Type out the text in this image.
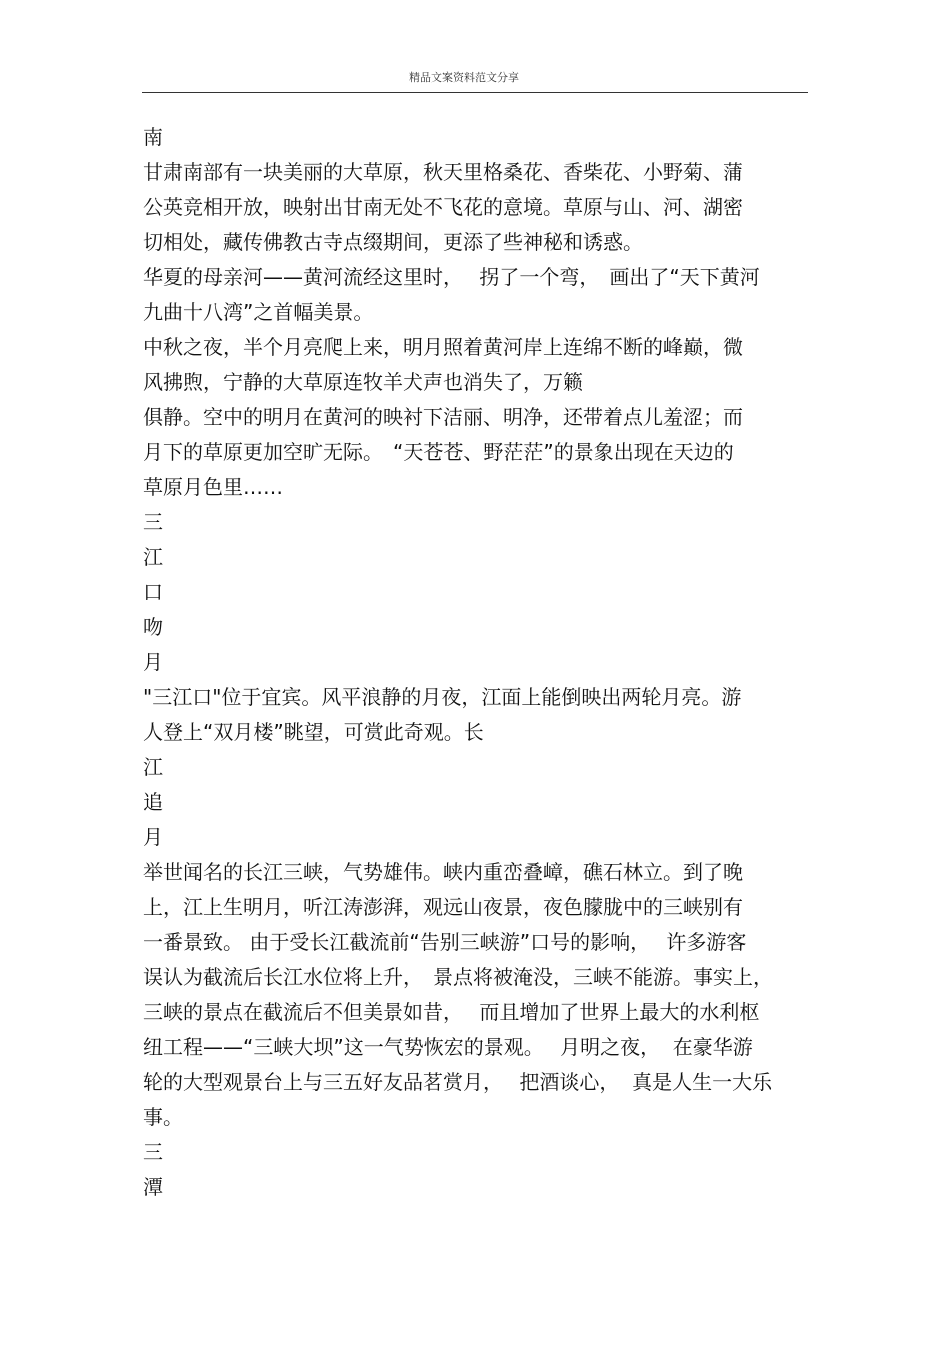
精品文案资料范文分享
南
甘肃南部有一块美丽的大草原，秋天里格桑花、香柴花、小野菊、蒲
公英竞相开放，映射出甘南无处不飞花的意境。草原与山、河、湖密
切相处，藏传佛教古寺点缀期间，更添了些神秘和诱惑。
华夏的母亲河——黄河流经这里时，　 拐了一个弯，　画出了“天下黄河
九曲十八湾”之首幅美景。
中秋之夜，半个月亮爬上来，明月照着黄河岸上连绵不断的峰巅，微
风拂煦，宁静的大草原连牧羊犬声也消失了，万籁
俱静。空中的明月在黄河的映衬下洁丽、明净，还带着点儿羞涩；而
月下的草原更加空旷无际。　“天苍苍、野茫茫”的景象出现在天边的
草原月色里……
三
江
口
吻
月
"三江口"位于宜宾。风平浪静的月夜，江面上能倒映出两轮月亮。游
人登上“双月楼”眺望，可赏此奇观。长
江
追
月
举世闻名的长江三峡，气势雄伟。峡内重峦叠嶂，礁石林立。到了晚
上，江上生明月，听江涛澎湃，观远山夜景，夜色朦胧中的三峡别有
一番景致。 由于受长江截流前“告别三峡游”口号的影响，　 许多游客
误认为截流后长江水位将上升，　景点将被淹没，三峡不能游。事实上，
三峡的景点在截流后不但美景如昔，　 而且增加了世界上最大的水利枢
纽工程——“三峡大坝”这一气势恢宏的景观。　 月明之夜，  在豪华游
轮的大型观景台上与三五好友品茗赏月，　 把酒谈心，  真是人生一大乐
事。
三
潭
